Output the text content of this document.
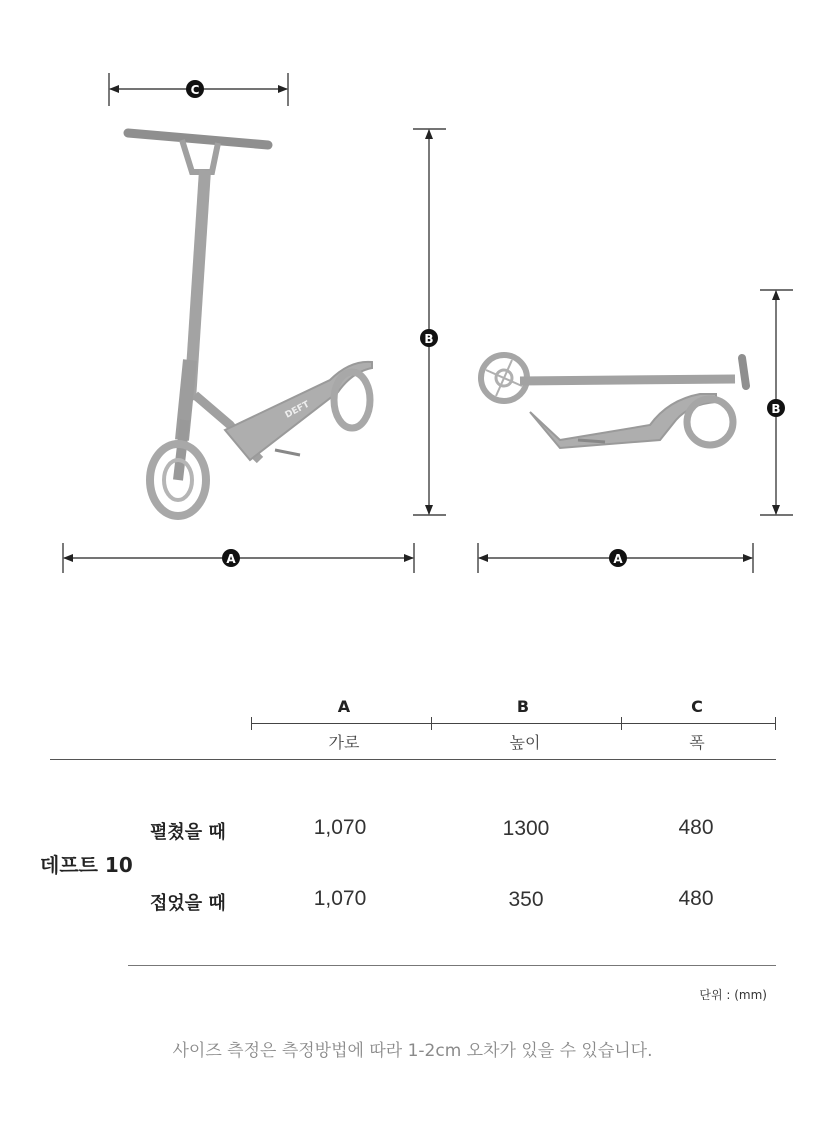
DEFT
C
B
A	A
B
A	B	C
가로	높이	폭
데프트 10
펼쳤을 때	1,070	1300	480
접었을 때	1,070	350	480
단위 : (mm)
사이즈 측정은 측정방법에 따라 1-2cm 오차가 있을 수 있습니다.
